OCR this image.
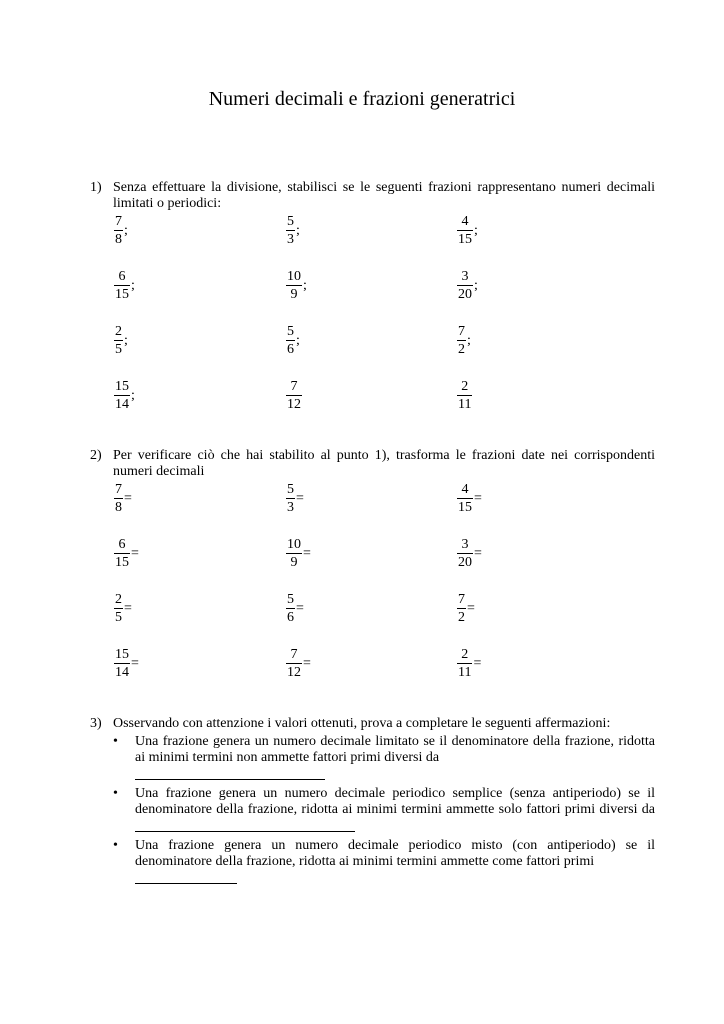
Numeri decimali e frazioni generatrici
1) Senza effettuare la divisione, stabilisci se le seguenti frazioni rappresentano numeri decimali limitati o periodici:
$\frac{7}{8}$ ;	$\frac{5}{3}$ ;	$\frac{4}{15}$ ;
$\frac{6}{15}$ ;	$\frac{10}{9}$ ;	$\frac{3}{20}$ ;
$\frac{2}{5}$ ;	$\frac{5}{6}$ ;	$\frac{7}{2}$ ;
$\frac{15}{14}$ ;	$\frac{7}{12}$	$\frac{2}{11}$
2) Per verificare ciò che hai stabilito al punto 1), trasforma le frazioni date nei corrispondenti numeri decimali
$\frac{7}{8}$ =	$\frac{5}{3}$ =	$\frac{4}{15}$ =
$\frac{6}{15}$ =	$\frac{10}{9}$ =	$\frac{3}{20}$ =
$\frac{2}{5}$ =	$\frac{5}{6}$ =	$\frac{7}{2}$ =
$\frac{15}{14}$ =	$\frac{7}{12}$ =	$\frac{2}{11}$ =
3) Osservando con attenzione i valori ottenuti, prova a completare le seguenti affermazioni:
• Una frazione genera un numero decimale limitato se il denominatore della frazione, ridotta ai minimi termini non ammette fattori primi diversi da

• Una frazione genera un numero decimale periodico semplice (senza antiperiodo) se il denominatore della frazione, ridotta ai minimi termini ammette solo fattori primi diversi da
• Una frazione genera un numero decimale periodico misto (con antiperiodo) se il denominatore della frazione, ridotta ai minimi termini ammette come fattori primi
